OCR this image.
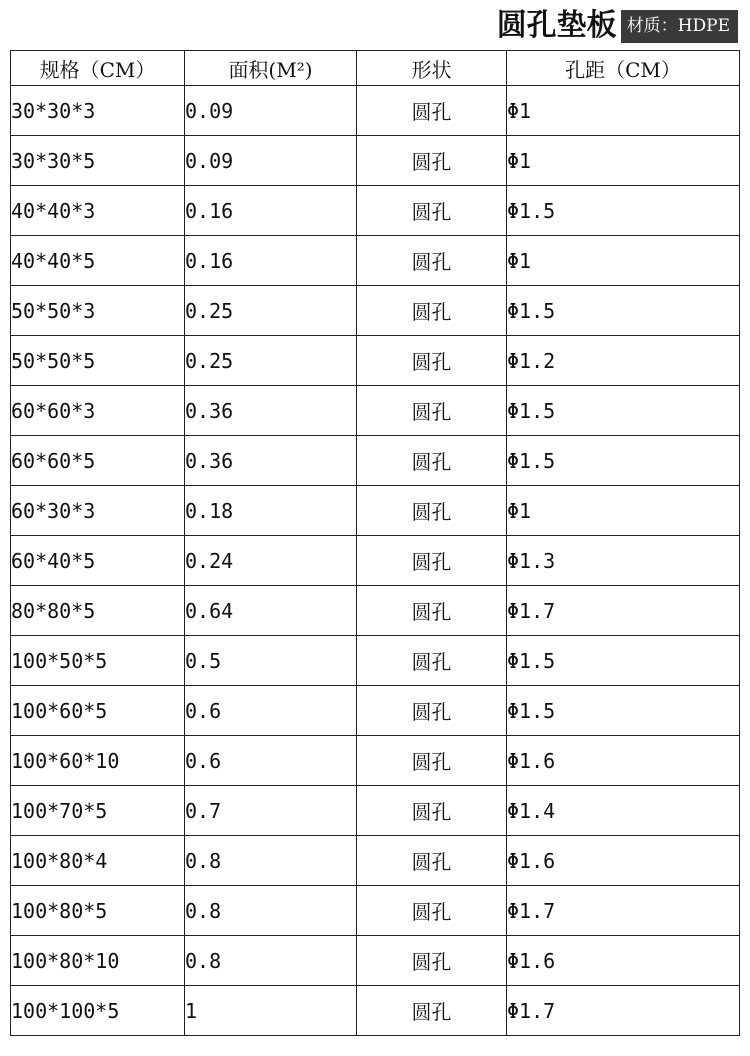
圆孔垫板 材质：HDPE
规格（CM）	面积(M²)	形状	孔距（CM）
30*30*3	0.09	圆孔	Φ1
30*30*5	0.09	圆孔	Φ1
40*40*3	0.16	圆孔	Φ1.5
40*40*5	0.16	圆孔	Φ1
50*50*3	0.25	圆孔	Φ1.5
50*50*5	0.25	圆孔	Φ1.2
60*60*3	0.36	圆孔	Φ1.5
60*60*5	0.36	圆孔	Φ1.5
60*30*3	0.18	圆孔	Φ1
60*40*5	0.24	圆孔	Φ1.3
80*80*5	0.64	圆孔	Φ1.7
100*50*5	0.5	圆孔	Φ1.5
100*60*5	0.6	圆孔	Φ1.5
100*60*10	0.6	圆孔	Φ1.6
100*70*5	0.7	圆孔	Φ1.4
100*80*4	0.8	圆孔	Φ1.6
100*80*5	0.8	圆孔	Φ1.7
100*80*10	0.8	圆孔	Φ1.6
100*100*5	1	圆孔	Φ1.7
